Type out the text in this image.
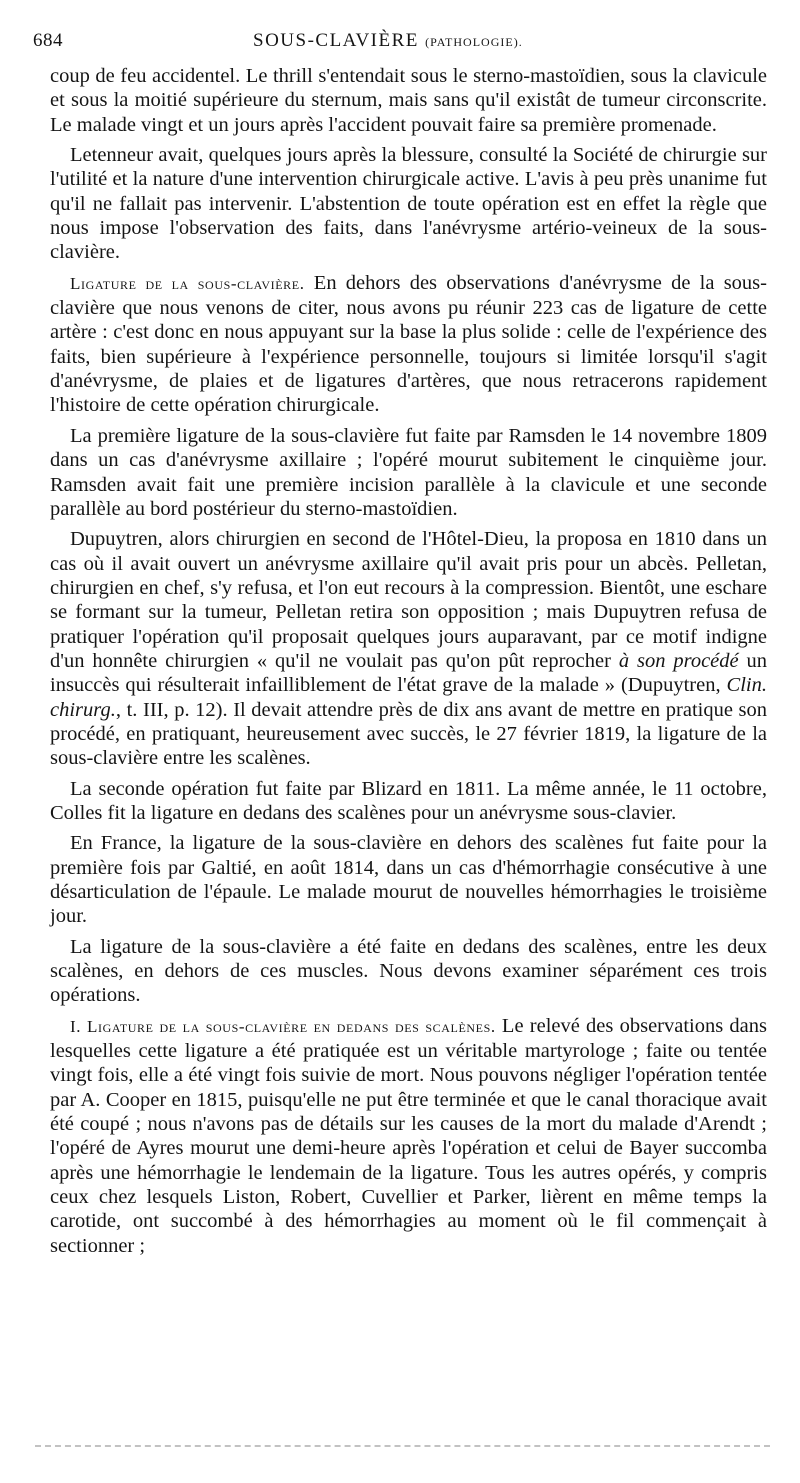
684	SOUS-CLAVIÈRE (PATHOLOGIE).

coup de feu accidentel. Le thrill s'entendait sous le sterno-mastoïdien, sous la clavicule et sous la moitié supérieure du sternum, mais sans qu'il existât de tumeur circonscrite. Le malade vingt et un jours après l'accident pouvait faire sa première promenade.

Letenneur avait, quelques jours après la blessure, consulté la Société de chirurgie sur l'utilité et la nature d'une intervention chirurgicale active. L'avis à peu près unanime fut qu'il ne fallait pas intervenir. L'abstention de toute opération est en effet la règle que nous impose l'observation des faits, dans l'anévrysme artério-veineux de la sous-clavière.

Ligature de la sous-clavière. En dehors des observations d'anévrysme de la sous-clavière que nous venons de citer, nous avons pu réunir 223 cas de ligature de cette artère : c'est donc en nous appuyant sur la base la plus solide : celle de l'expérience des faits, bien supérieure à l'expérience personnelle, toujours si limitée lorsqu'il s'agit d'anévrysme, de plaies et de ligatures d'artères, que nous retracerons rapidement l'histoire de cette opération chirurgicale.

La première ligature de la sous-clavière fut faite par Ramsden le 14 novembre 1809 dans un cas d'anévrysme axillaire ; l'opéré mourut subitement le cinquième jour. Ramsden avait fait une première incision parallèle à la clavicule et une seconde parallèle au bord postérieur du sterno-mastoïdien.

Dupuytren, alors chirurgien en second de l'Hôtel-Dieu, la proposa en 1810 dans un cas où il avait ouvert un anévrysme axillaire qu'il avait pris pour un abcès. Pelletan, chirurgien en chef, s'y refusa, et l'on eut recours à la compression. Bientôt, une eschare se formant sur la tumeur, Pelletan retira son opposition ; mais Dupuytren refusa de pratiquer l'opération qu'il proposait quelques jours auparavant, par ce motif indigne d'un honnête chirurgien « qu'il ne voulait pas qu'on pût reprocher à son procédé un insuccès qui résulterait infailliblement de l'état grave de la malade » (Dupuytren, Clin. chirurg., t. III, p. 12). Il devait attendre près de dix ans avant de mettre en pratique son procédé, en pratiquant, heureusement avec succès, le 27 février 1819, la ligature de la sous-clavière entre les scalènes.

La seconde opération fut faite par Blizard en 1811. La même année, le 11 octobre, Colles fit la ligature en dedans des scalènes pour un anévrysme sous-clavier.

En France, la ligature de la sous-clavière en dehors des scalènes fut faite pour la première fois par Galtié, en août 1814, dans un cas d'hémorrhagie consécutive à une désarticulation de l'épaule. Le malade mourut de nouvelles hémorrhagies le troisième jour.

La ligature de la sous-clavière a été faite en dedans des scalènes, entre les deux scalènes, en dehors de ces muscles. Nous devons examiner séparément ces trois opérations.

I. Ligature de la sous-clavière en dedans des scalènes. Le relevé des observations dans lesquelles cette ligature a été pratiquée est un véritable martyrologe ; faite ou tentée vingt fois, elle a été vingt fois suivie de mort. Nous pouvons négliger l'opération tentée par A. Cooper en 1815, puisqu'elle ne put être terminée et que le canal thoracique avait été coupé ; nous n'avons pas de détails sur les causes de la mort du malade d'Arendt ; l'opéré de Ayres mourut une demi-heure après l'opération et celui de Bayer succomba après une hémorrhagie le lendemain de la ligature. Tous les autres opérés, y compris ceux chez lesquels Liston, Robert, Cuvellier et Parker, lièrent en même temps la carotide, ont succombé à des hémorrhagies au moment où le fil commençait à sectionner ;
